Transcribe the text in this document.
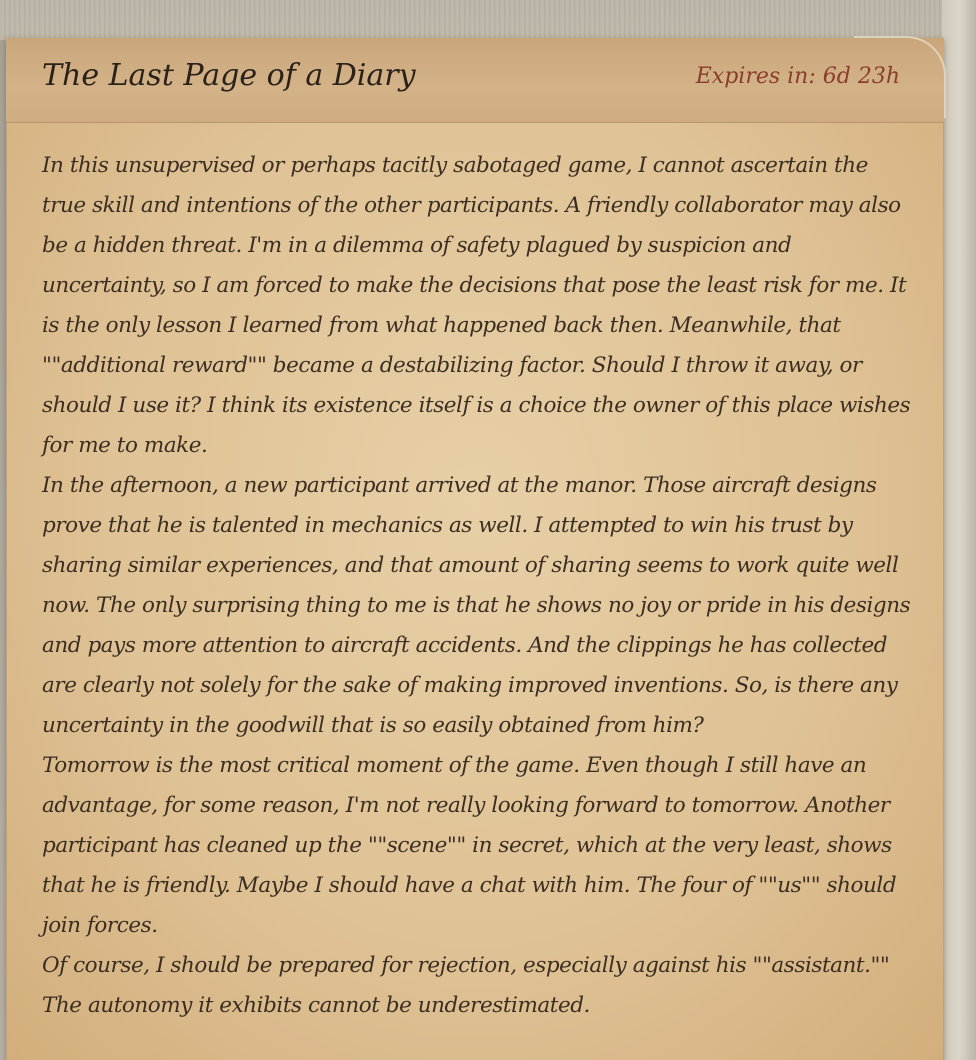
The Last Page of a Diary	Expires in: 6d 23h

In this unsupervised or perhaps tacitly sabotaged game, I cannot ascertain the true skill and intentions of the other participants. A friendly collaborator may also be a hidden threat. I'm in a dilemma of safety plagued by suspicion and uncertainty, so I am forced to make the decisions that pose the least risk for me. It is the only lesson I learned from what happened back then. Meanwhile, that ""additional reward"" became a destabilizing factor. Should I throw it away, or should I use it? I think its existence itself is a choice the owner of this place wishes for me to make.

In the afternoon, a new participant arrived at the manor. Those aircraft designs prove that he is talented in mechanics as well. I attempted to win his trust by sharing similar experiences, and that amount of sharing seems to work quite well now. The only surprising thing to me is that he shows no joy or pride in his designs and pays more attention to aircraft accidents. And the clippings he has collected are clearly not solely for the sake of making improved inventions. So, is there any uncertainty in the goodwill that is so easily obtained from him?

Tomorrow is the most critical moment of the game. Even though I still have an advantage, for some reason, I'm not really looking forward to tomorrow. Another participant has cleaned up the ""scene"" in secret, which at the very least, shows that he is friendly. Maybe I should have a chat with him. The four of ""us"" should join forces.

Of course, I should be prepared for rejection, especially against his ""assistant."" The autonomy it exhibits cannot be underestimated.
